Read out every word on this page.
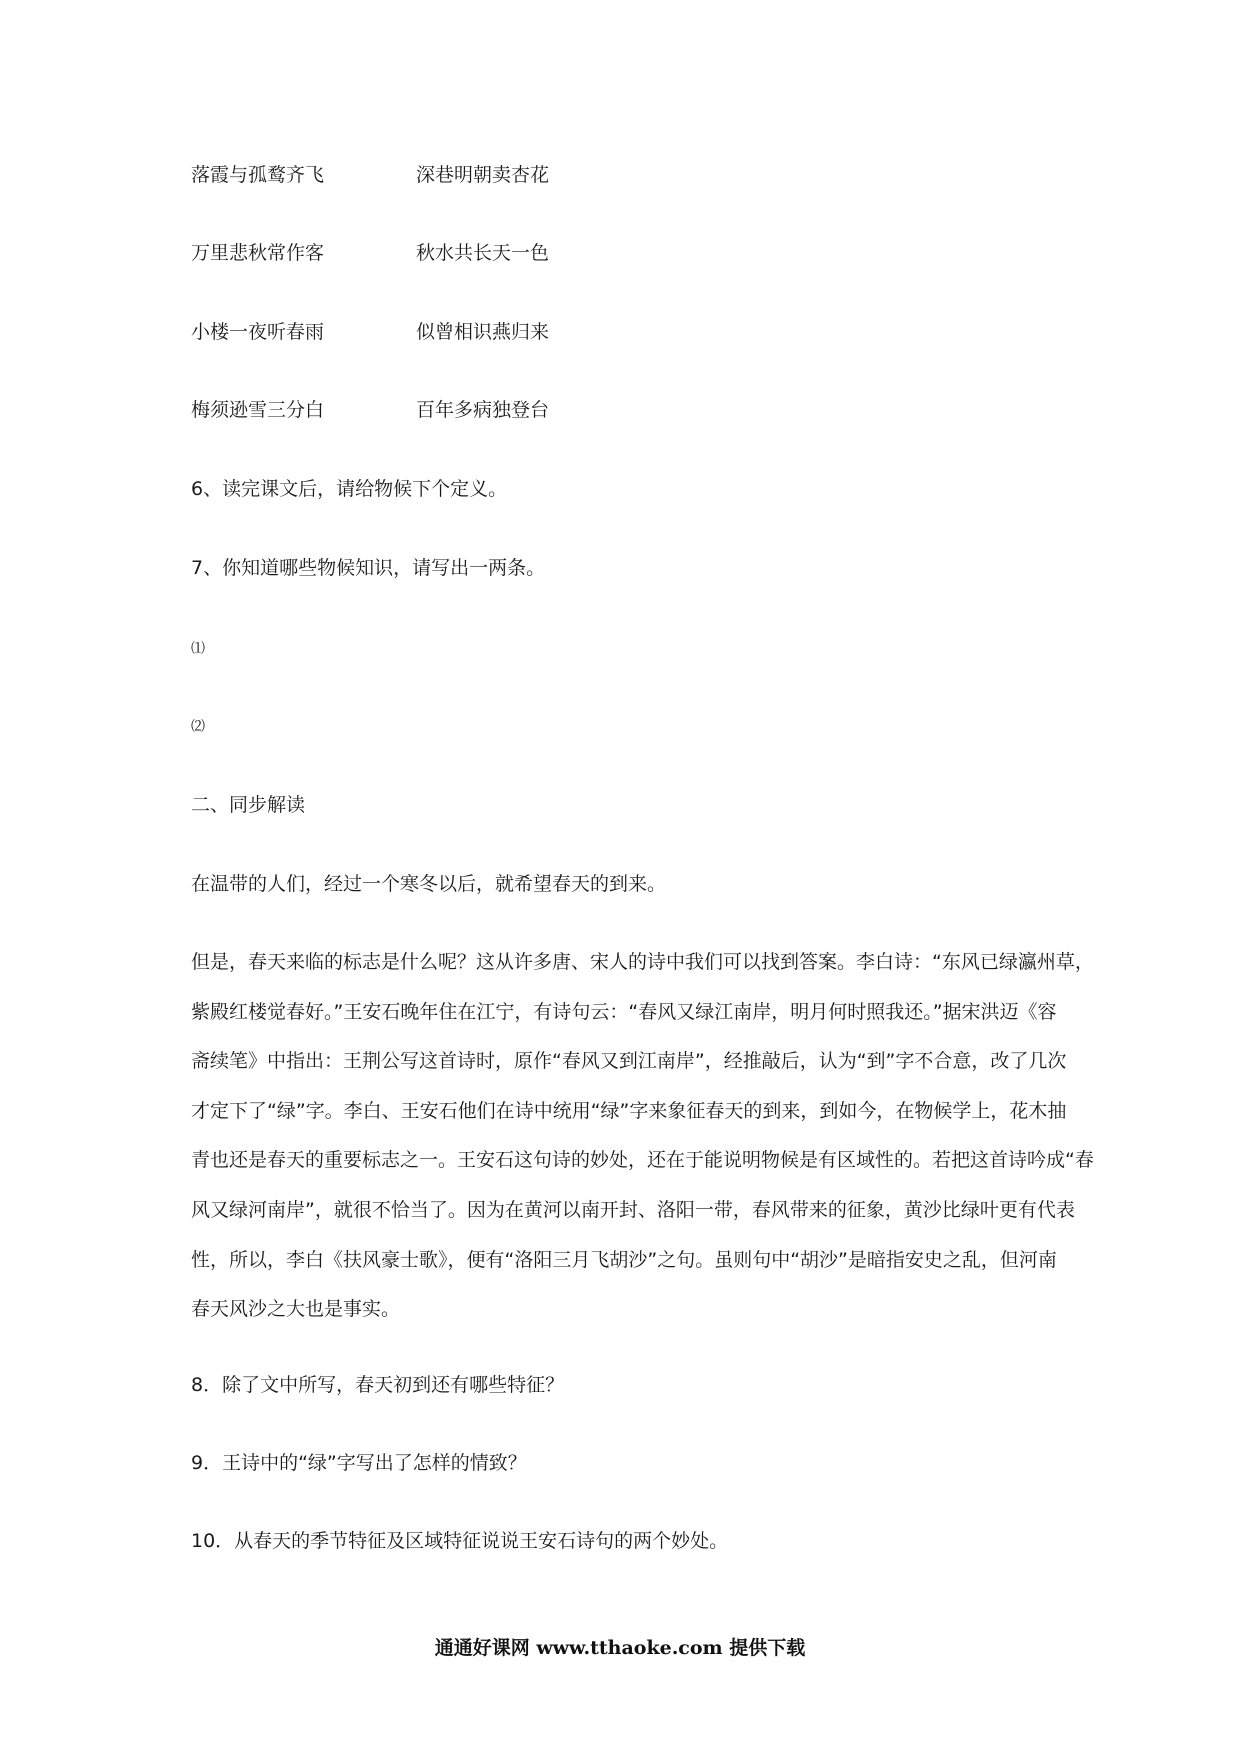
落霞与孤鹜齐飞	深巷明朝卖杏花
万里悲秋常作客	秋水共长天一色
小楼一夜听春雨	似曾相识燕归来
梅须逊雪三分白	百年多病独登台
6、读完课文后，请给物候下个定义。
7、你知道哪些物候知识，请写出一两条。
⑴
⑵
二、同步解读
在温带的人们，经过一个寒冬以后，就希望春天的到来。
但是，春天来临的标志是什么呢？这从许多唐、宋人的诗中我们可以找到答案。李白诗：“东风已绿瀛州草，
紫殿红楼觉春好。”王安石晚年住在江宁，有诗句云：“春风又绿江南岸，明月何时照我还。”据宋洪迈《容
斋续笔》中指出：王荆公写这首诗时，原作“春风又到江南岸”，经推敲后，认为“到”字不合意，改了几次
才定下了“绿”字。李白、王安石他们在诗中统用“绿”字来象征春天的到来，到如今，在物候学上，花木抽
青也还是春天的重要标志之一。王安石这句诗的妙处，还在于能说明物候是有区域性的。若把这首诗吟成“春
风又绿河南岸”，就很不恰当了。因为在黄河以南开封、洛阳一带，春风带来的征象，黄沙比绿叶更有代表
性，所以，李白《扶风豪士歌》，便有“洛阳三月飞胡沙”之句。虽则句中“胡沙”是暗指安史之乱，但河南
春天风沙之大也是事实。
8．除了文中所写，春天初到还有哪些特征？
9．王诗中的“绿”字写出了怎样的情致？
10．从春天的季节特征及区域特征说说王安石诗句的两个妙处。
通通好课网 www.tthaoke.com 提供下载
